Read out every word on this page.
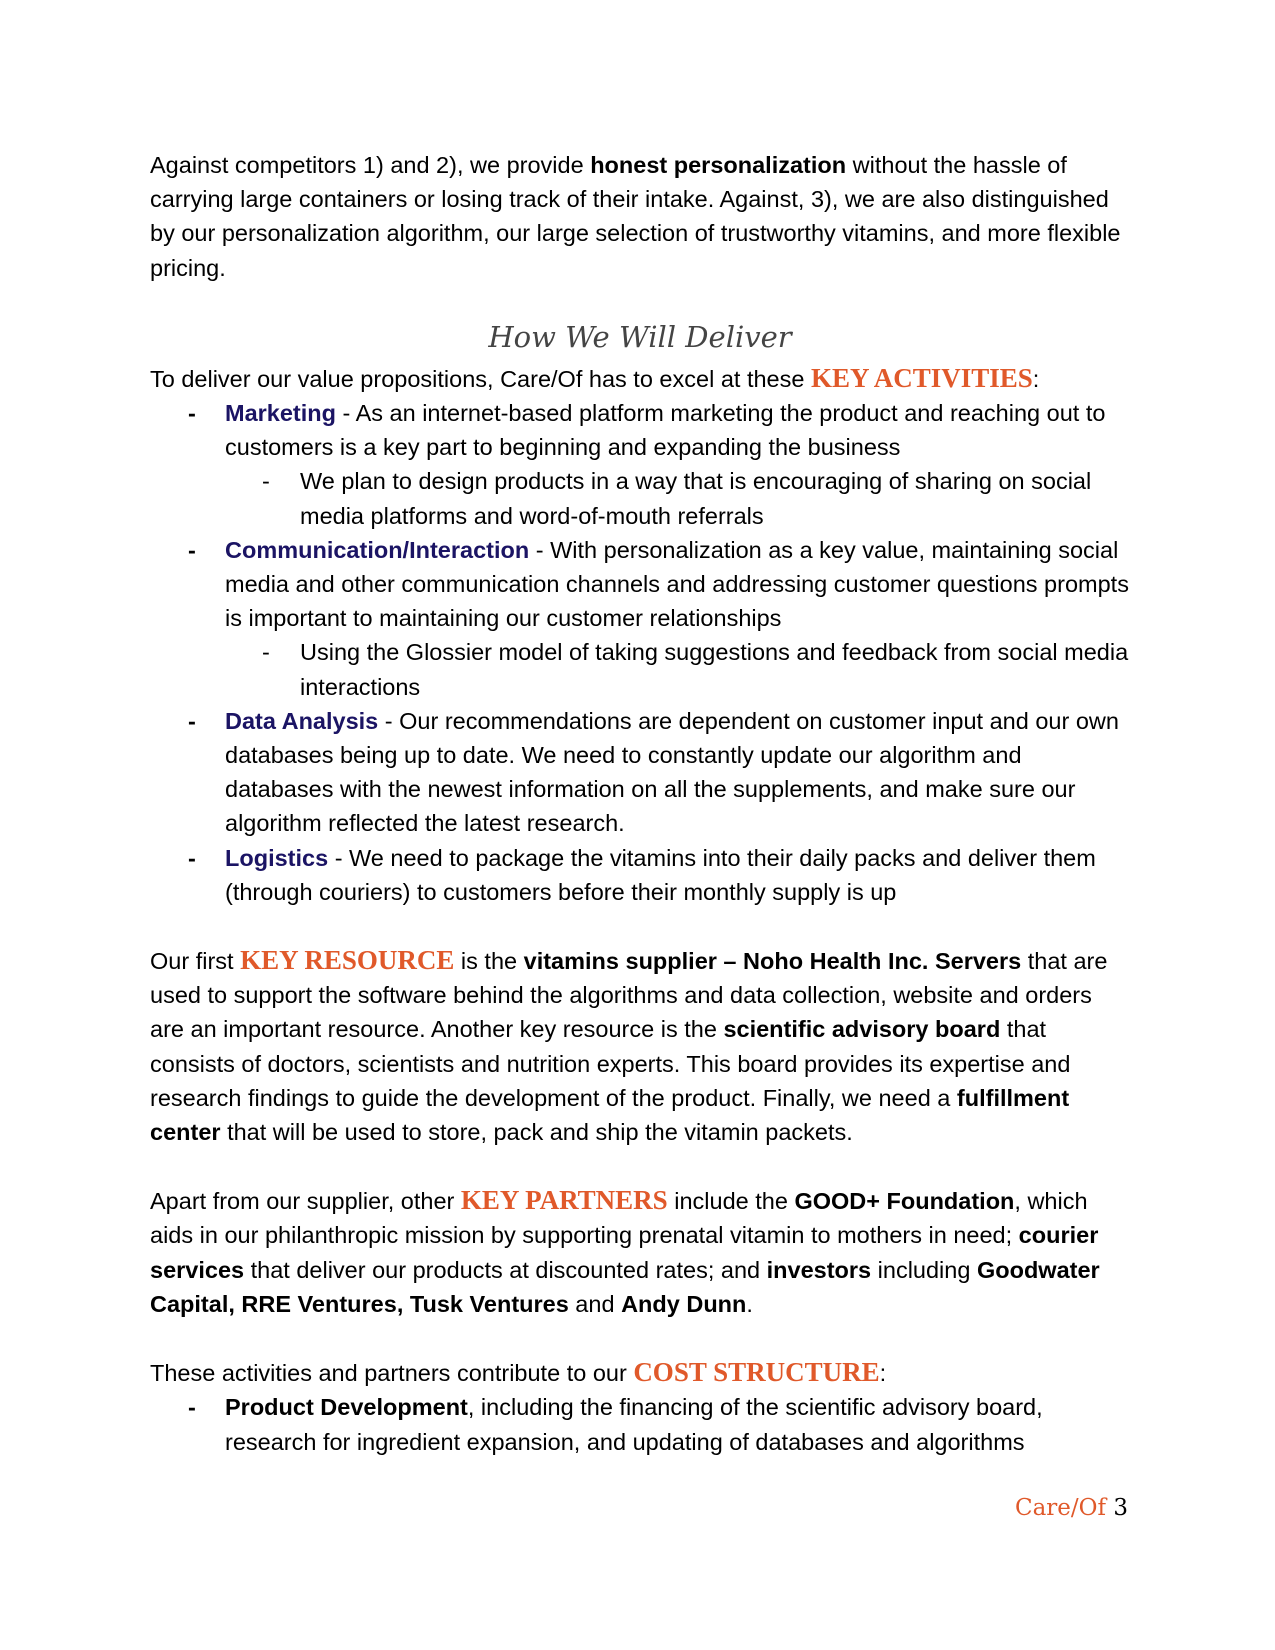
Against competitors 1) and 2), we provide honest personalization without the hassle of carrying large containers or losing track of their intake. Against, 3), we are also distinguished by our personalization algorithm, our large selection of trustworthy vitamins, and more flexible pricing.

How We Will Deliver

To deliver our value propositions, Care/Of has to excel at these KEY ACTIVITIES:

- Marketing - As an internet-based platform marketing the product and reaching out to customers is a key part to beginning and expanding the business
- We plan to design products in a way that is encouraging of sharing on social media platforms and word-of-mouth referrals
- Communication/Interaction - With personalization as a key value, maintaining social media and other communication channels and addressing customer questions prompts is important to maintaining our customer relationships
- Using the Glossier model of taking suggestions and feedback from social media interactions
- Data Analysis - Our recommendations are dependent on customer input and our own databases being up to date. We need to constantly update our algorithm and databases with the newest information on all the supplements, and make sure our algorithm reflected the latest research.
- Logistics - We need to package the vitamins into their daily packs and deliver them (through couriers) to customers before their monthly supply is up

Our first KEY RESOURCE is the vitamins supplier – Noho Health Inc. Servers that are used to support the software behind the algorithms and data collection, website and orders are an important resource. Another key resource is the scientific advisory board that consists of doctors, scientists and nutrition experts. This board provides its expertise and research findings to guide the development of the product. Finally, we need a fulfillment center that will be used to store, pack and ship the vitamin packets.

Apart from our supplier, other KEY PARTNERS include the GOOD+ Foundation, which aids in our philanthropic mission by supporting prenatal vitamin to mothers in need; courier services that deliver our products at discounted rates; and investors including Goodwater Capital, RRE Ventures, Tusk Ventures and Andy Dunn.

These activities and partners contribute to our COST STRUCTURE:

- Product Development, including the financing of the scientific advisory board, research for ingredient expansion, and updating of databases and algorithms
Care/Of 3
